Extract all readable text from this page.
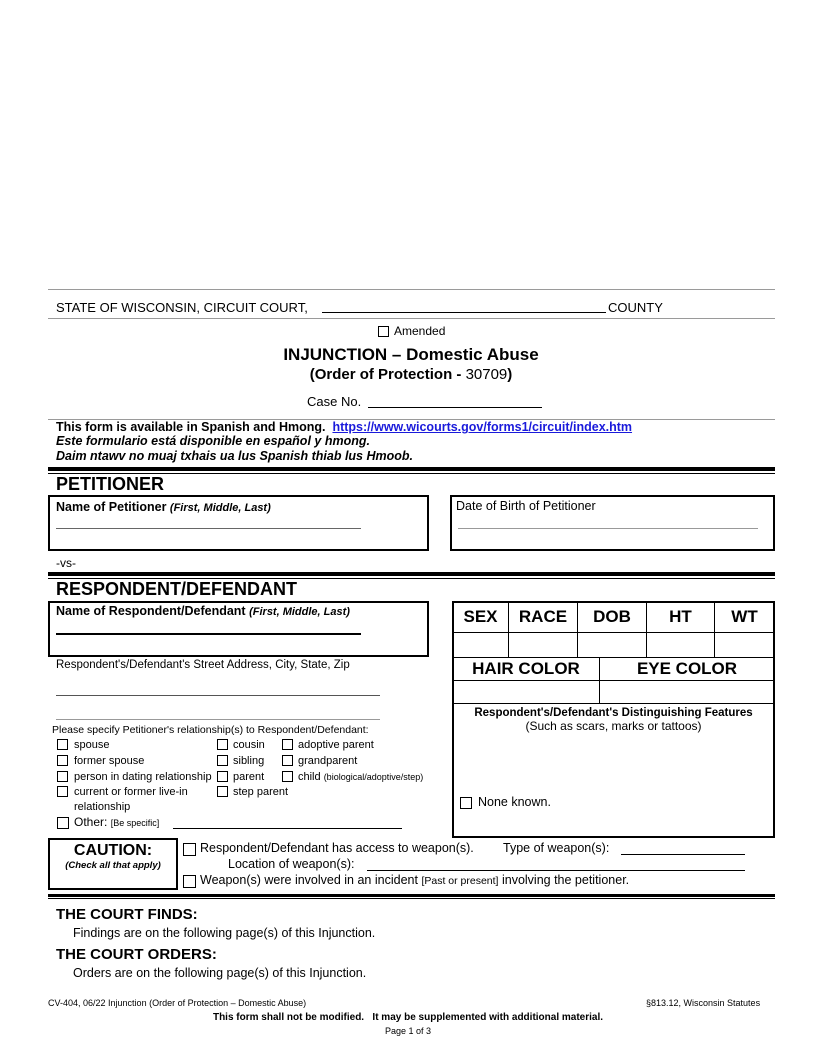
STATE OF WISCONSIN, CIRCUIT COURT,	COUNTY
Amended
INJUNCTION – Domestic Abuse
(Order of Protection - 30709)
Case No.
This form is available in Spanish and Hmong. https://www.wicourts.gov/forms1/circuit/index.htm
Este formulario está disponible en español y hmong.
Daim ntawv no muaj txhais ua lus Spanish thiab lus Hmoob.
PETITIONER
Name of Petitioner (First, Middle, Last)	Date of Birth of Petitioner
-vs-
RESPONDENT/DEFENDANT
Name of Respondent/Defendant (First, Middle, Last)	SEX	RACE	DOB	HT	WT
HAIR COLOR	EYE COLOR
Respondent's/Defendant's Distinguishing Features
(Such as scars, marks or tattoos)
None known.
Respondent's/Defendant's Street Address, City, State, Zip
Please specify Petitioner's relationship(s) to Respondent/Defendant:
spouse
former spouse
person in dating relationship
current or former live-in
relationship
cousin
sibling
parent
step parent
adoptive parent
grandparent
child (biological/adoptive/step)
Other: [Be specific]
CAUTION:
(Check all that apply)
Respondent/Defendant has access to weapon(s). Type of weapon(s):
Location of weapon(s):
Weapon(s) were involved in an incident [Past or present] involving the petitioner.
THE COURT FINDS:
Findings are on the following page(s) of this Injunction.
THE COURT ORDERS:
Orders are on the following page(s) of this Injunction.
CV-404, 06/22 Injunction (Order of Protection – Domestic Abuse)	§813.12, Wisconsin Statutes
This form shall not be modified.   It may be supplemented with additional material.
Page 1 of 3
